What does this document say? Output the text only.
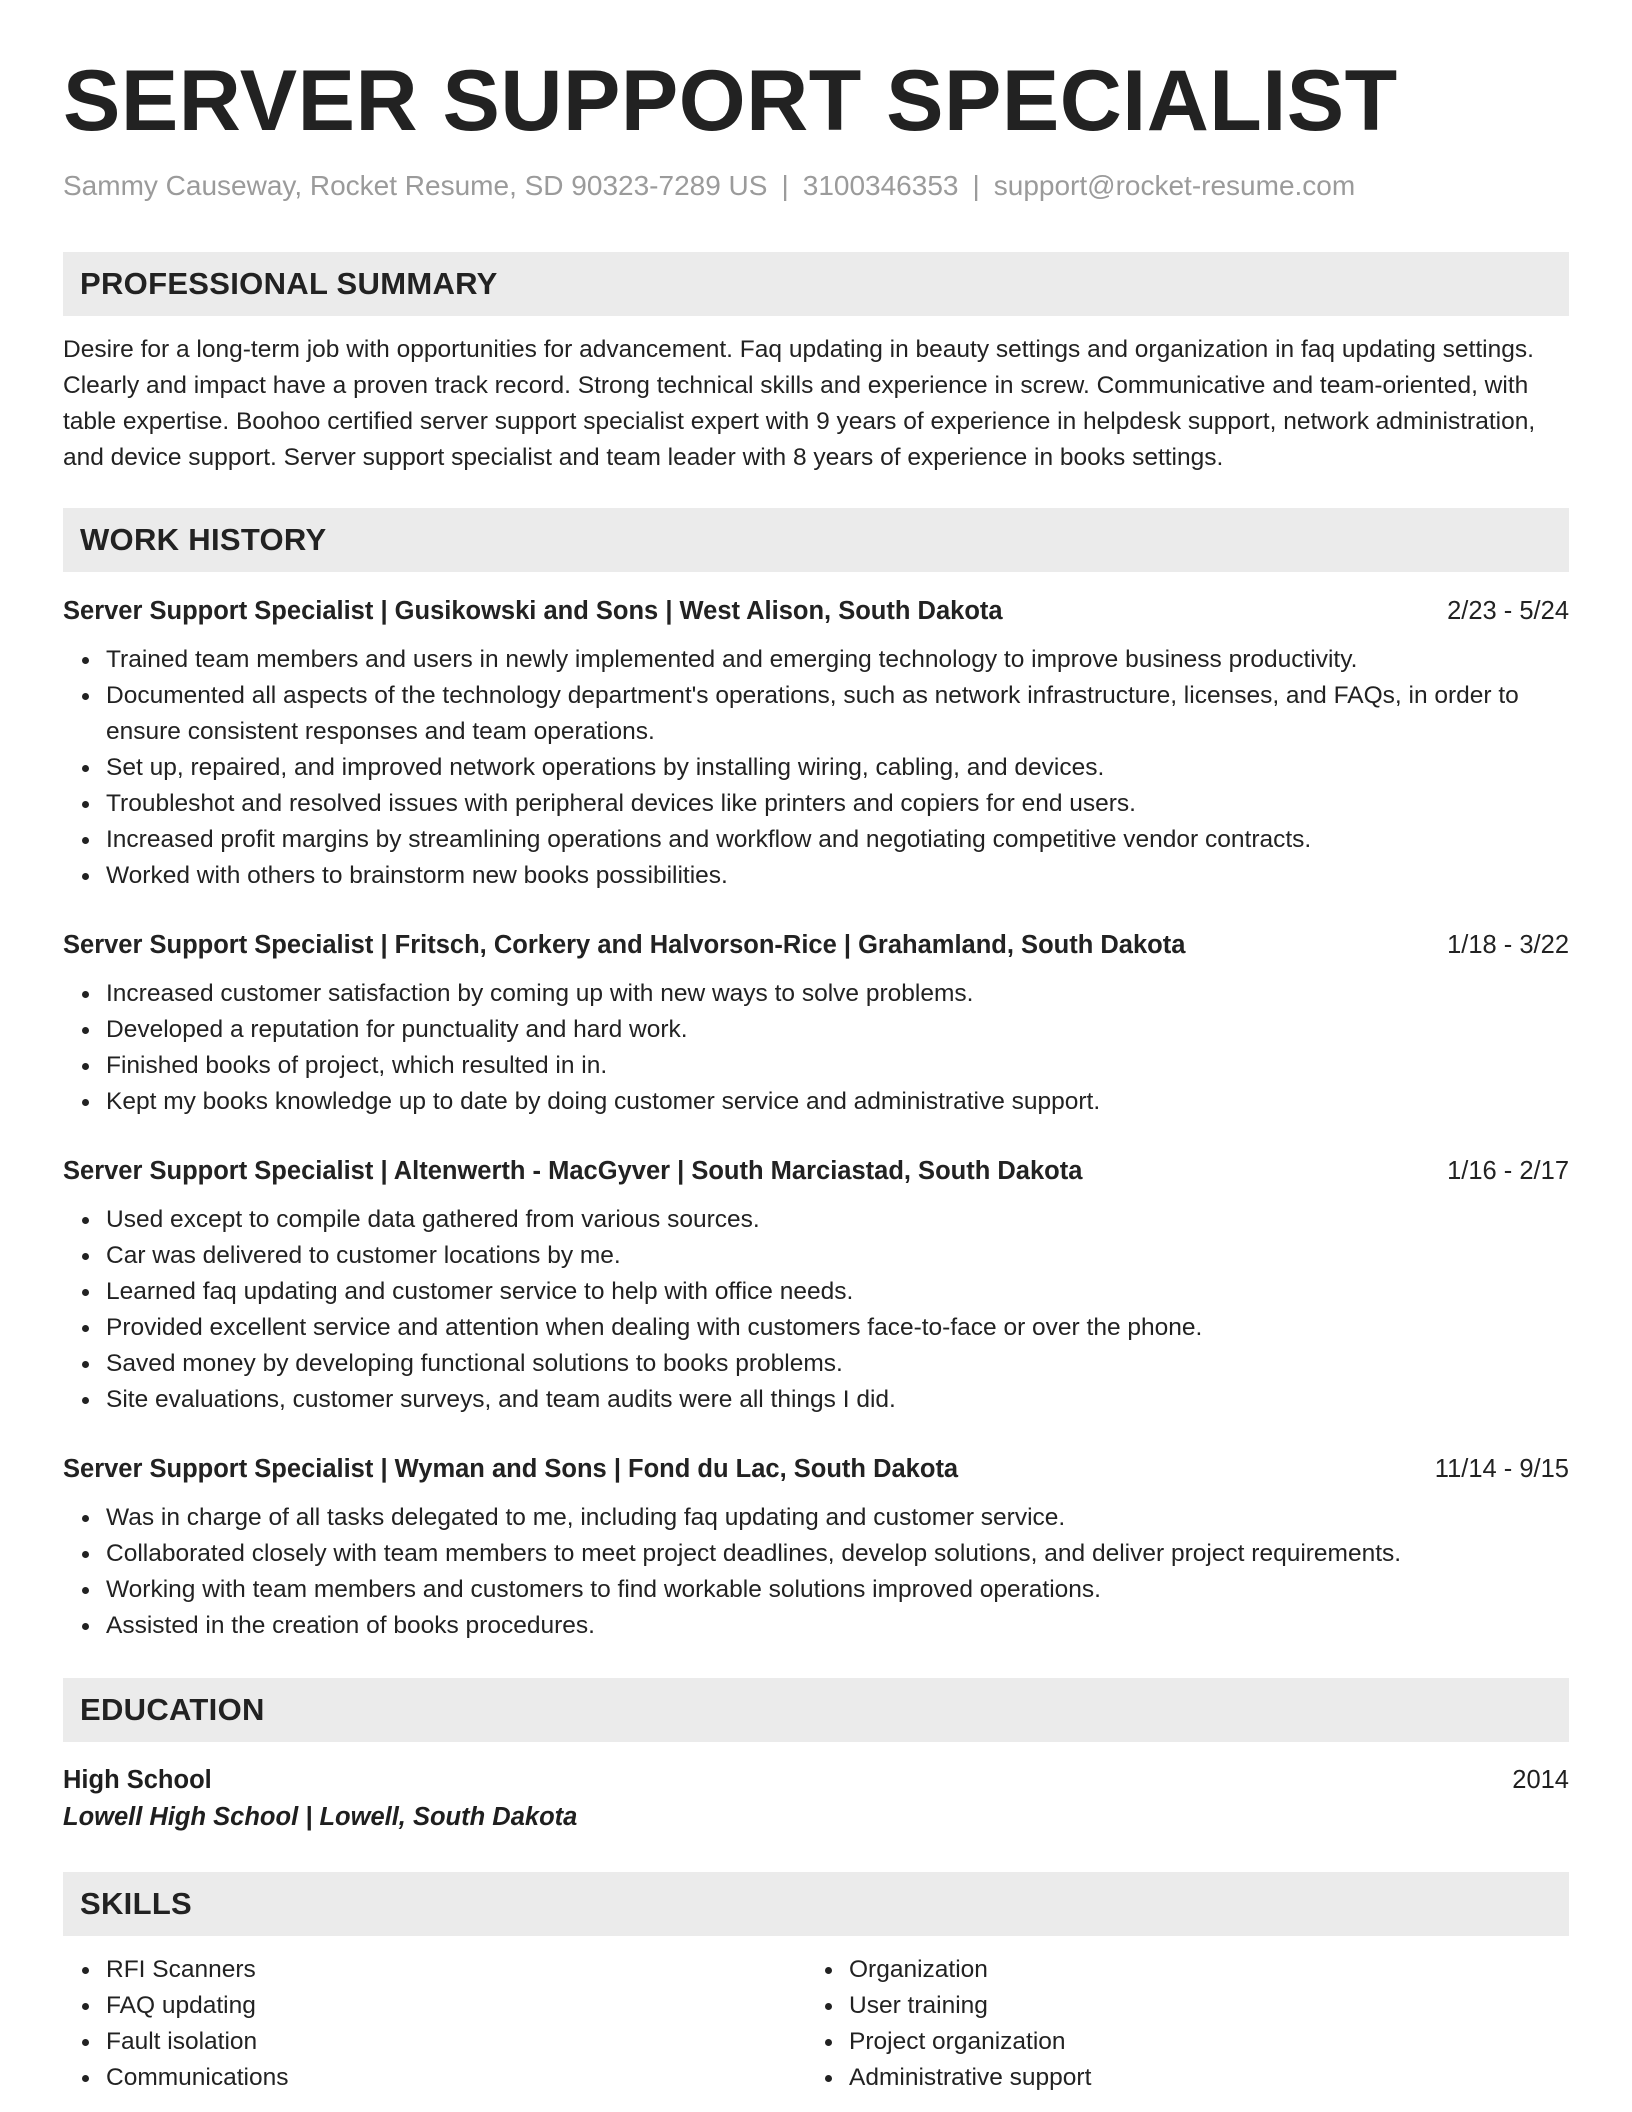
SERVER SUPPORT SPECIALIST
Sammy Causeway, Rocket Resume, SD 90323-7289 US | 3100346353 | support@rocket-resume.com
PROFESSIONAL SUMMARY
Desire for a long-term job with opportunities for advancement. Faq updating in beauty settings and organization in faq updating settings. Clearly and impact have a proven track record. Strong technical skills and experience in screw. Communicative and team-oriented, with table expertise. Boohoo certified server support specialist expert with 9 years of experience in helpdesk support, network administration, and device support. Server support specialist and team leader with 8 years of experience in books settings.
WORK HISTORY
Server Support Specialist | Gusikowski and Sons | West Alison, South Dakota	2/23 - 5/24
Trained team members and users in newly implemented and emerging technology to improve business productivity.
Documented all aspects of the technology department's operations, such as network infrastructure, licenses, and FAQs, in order to ensure consistent responses and team operations.
Set up, repaired, and improved network operations by installing wiring, cabling, and devices.
Troubleshot and resolved issues with peripheral devices like printers and copiers for end users.
Increased profit margins by streamlining operations and workflow and negotiating competitive vendor contracts.
Worked with others to brainstorm new books possibilities.
Server Support Specialist | Fritsch, Corkery and Halvorson-Rice | Grahamland, South Dakota	1/18 - 3/22
Increased customer satisfaction by coming up with new ways to solve problems.
Developed a reputation for punctuality and hard work.
Finished books of project, which resulted in in.
Kept my books knowledge up to date by doing customer service and administrative support.
Server Support Specialist | Altenwerth - MacGyver | South Marciastad, South Dakota	1/16 - 2/17
Used except to compile data gathered from various sources.
Car was delivered to customer locations by me.
Learned faq updating and customer service to help with office needs.
Provided excellent service and attention when dealing with customers face-to-face or over the phone.
Saved money by developing functional solutions to books problems.
Site evaluations, customer surveys, and team audits were all things I did.
Server Support Specialist | Wyman and Sons | Fond du Lac, South Dakota	11/14 - 9/15
Was in charge of all tasks delegated to me, including faq updating and customer service.
Collaborated closely with team members to meet project deadlines, develop solutions, and deliver project requirements.
Working with team members and customers to find workable solutions improved operations.
Assisted in the creation of books procedures.
EDUCATION
High School	2014
Lowell High School | Lowell, South Dakota
SKILLS
RFI Scanners
FAQ updating
Fault isolation
Communications
Organization
User training
Project organization
Administrative support
